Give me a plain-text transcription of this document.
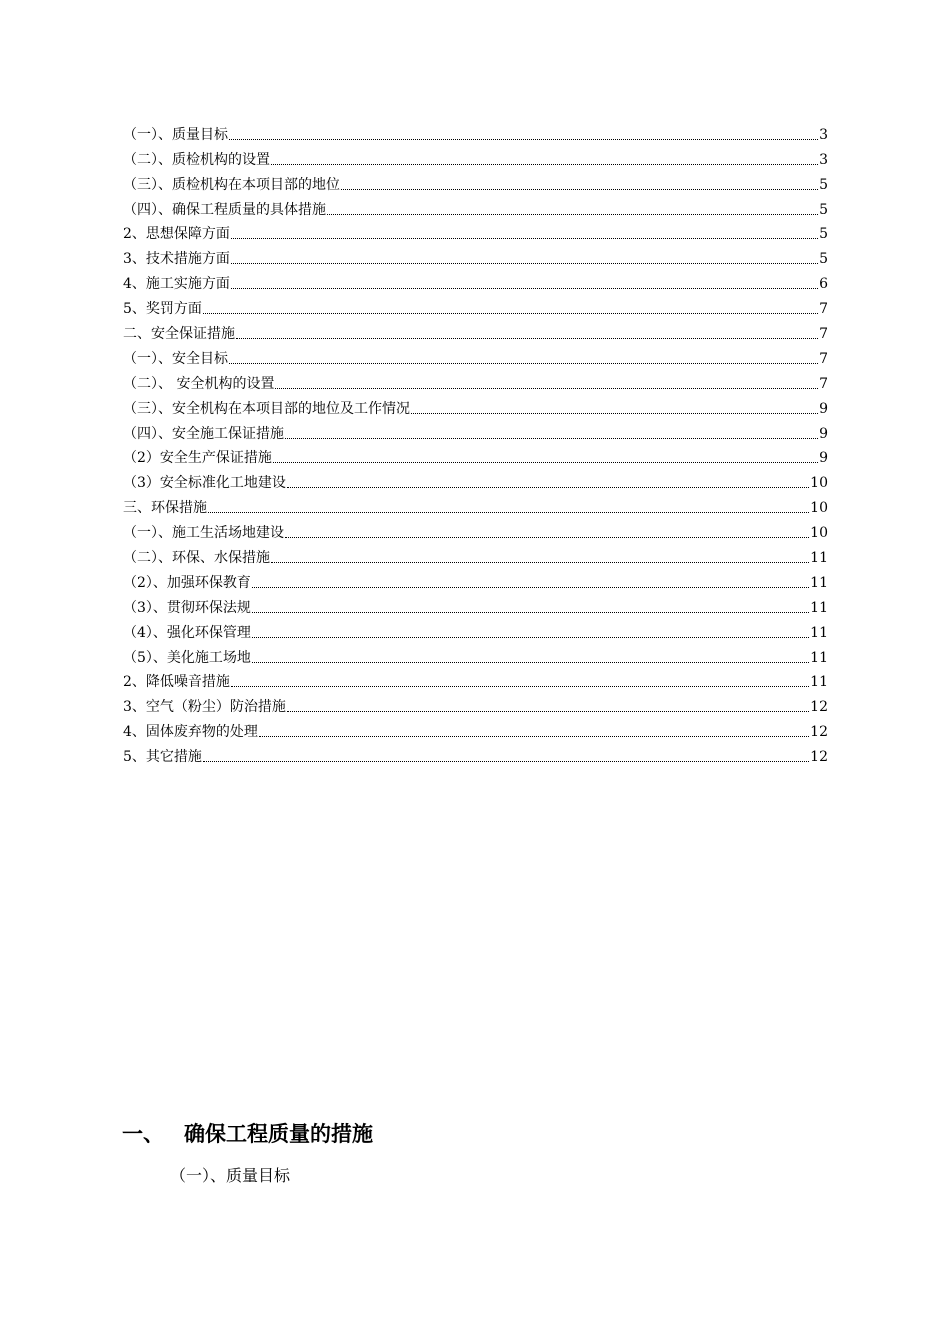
（一）、质量目标	3
（二）、质检机构的设置	3
（三）、质检机构在本项目部的地位	5
（四）、确保工程质量的具体措施	5
2、思想保障方面	5
3、技术措施方面	5
4、施工实施方面	6
5、奖罚方面	7
二、安全保证措施	7
（一）、安全目标	7
（二）、 安全机构的设置	7
（三）、安全机构在本项目部的地位及工作情况	9
（四）、安全施工保证措施	9
（2）安全生产保证措施	9
（3）安全标准化工地建设	10
三、环保措施	10
（一）、施工生活场地建设	10
（二）、环保、水保措施	11
（2）、加强环保教育	11
（3）、贯彻环保法规	11
（4）、强化环保管理	11
（5）、美化施工场地	11
2、降低噪音措施	11
3、空气（粉尘）防治措施	12
4、固体废弃物的处理	12
5、其它措施	12
一、 确保工程质量的措施
（一）、质量目标
